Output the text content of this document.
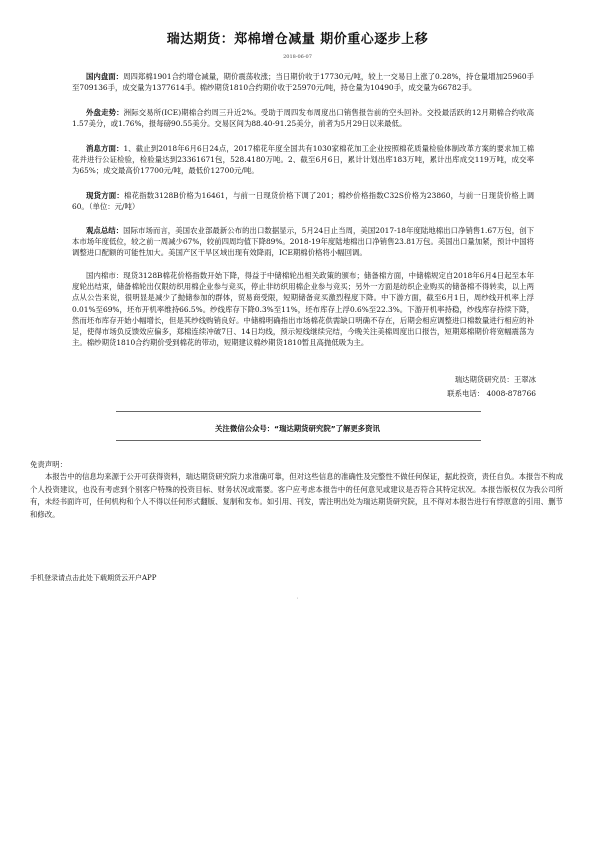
瑞达期货：郑棉增仓减量 期价重心逐步上移
2018-06-07

国内盘面：周四郑棉1901合约增仓减量，期价震荡收涨；当日期价收于17730元/吨，较上一交易日上涨了0.28%，持仓量增加25960手至709136手，成交量为1377614手。棉纱期货1810合约期价收于25970元/吨，持仓量为10490手，成交量为66782手。

外盘走势：洲际交易所(ICE)期棉合约周三升近2%。受助于周四发布周度出口销售报告前的空头回补。交投最活跃的12月期棉合约收高1.57美分，或1.76%，报每磅90.55美分。交易区间为88.40-91.25美分，前者为5月29日以来最低。

消息方面：1、截止到2018年6月6日24点，2017棉花年度全国共有1030家棉花加工企业按照棉花质量检验体制改革方案的要求加工棉花并进行公证检验，检验量达到23361671包，528.4180万吨。2、截至6月6日，累计计划出库183万吨，累计出库成交119万吨，成交率为65%；成交最高价17700元/吨，最低价12700元/吨。

现货方面：棉花指数3128B价格为16461，与前一日现货价格下调了201；棉纱价格指数C32S价格为23860，与前一日现货价格上调60。（单位：元/吨）

观点总结：国际市场而言，美国农业部最新公布的出口数据显示，5月24日止当周，美国2017-18年度陆地棉出口净销售1.67万包，创下本市场年度低位，较之前一周减少67%，较前四周均值下降89%。2018-19年度陆地棉出口净销售23.81万包。美国出口量加紧，预计中国将调整进口配额的可能性加大。美国产区干旱区域出现有效降雨，ICE期棉价格将小幅回调。

国内棉市：现货3128B棉花价格指数开始下降，得益于中储棉轮出相关政策的颁布；储备棉方面，中储棉规定自2018年6月4日起至本年度轮出结束，储备棉轮出仅限纺织用棉企业参与竞买，停止非纺织用棉企业参与竞买；另外一方面是纺织企业购买的储备棉不得转卖，以上两点从公告来说，很明显是减少了抛储参加的群体，贸易商受限，短期储备竞买激烈程度下降。中下游方面，截至6月1日，周纱线开机率上浮0.01%至69%，坯布开机率维持66.5%。纱线库存下降0.3%至11%，坯布库存上浮0.6%至22.3%。下游开机率持稳，纱线库存持续下降，然而坯布库存开始小幅增长，但是其纱线购销良好。中储棉明确指出市场棉花供需缺口明确不存在，后期会相应调整进口棉数量进行相应的补足，使得市场负反馈效应偏多，郑棉连续冲破7日、14日均线，预示短线继续完结，今晚关注美棉周度出口报告，短期郑棉期价将宽幅震荡为主。棉纱期货1810合约期价受到棉花的带动，短期建议棉纱期货1810暂且高抛低吸为主。

瑞达期货研究员：王翠冰
联系电话： 4008-878766
关注微信公众号：“瑞达期货研究院”了解更多资讯
免责声明：

本报告中的信息均来源于公开可获得资料，瑞达期货研究院力求准确可靠，但对这些信息的准确性及完整性不做任何保证，据此投资，责任自负。本报告不构成个人投资建议，也没有考虑到个别客户特殊的投资目标、财务状况或需要。客户应考虑本报告中的任何意见或建议是否符合其特定状况。本报告版权仅为我公司所有，未经书面许可，任何机构和个人不得以任何形式翻版、复制和发布。如引用、刊发，需注明出处为瑞达期货研究院，且不得对本报告进行有悖原意的引用、删节和修改。

手机登录请点击此处下载期货云开户APP
'
